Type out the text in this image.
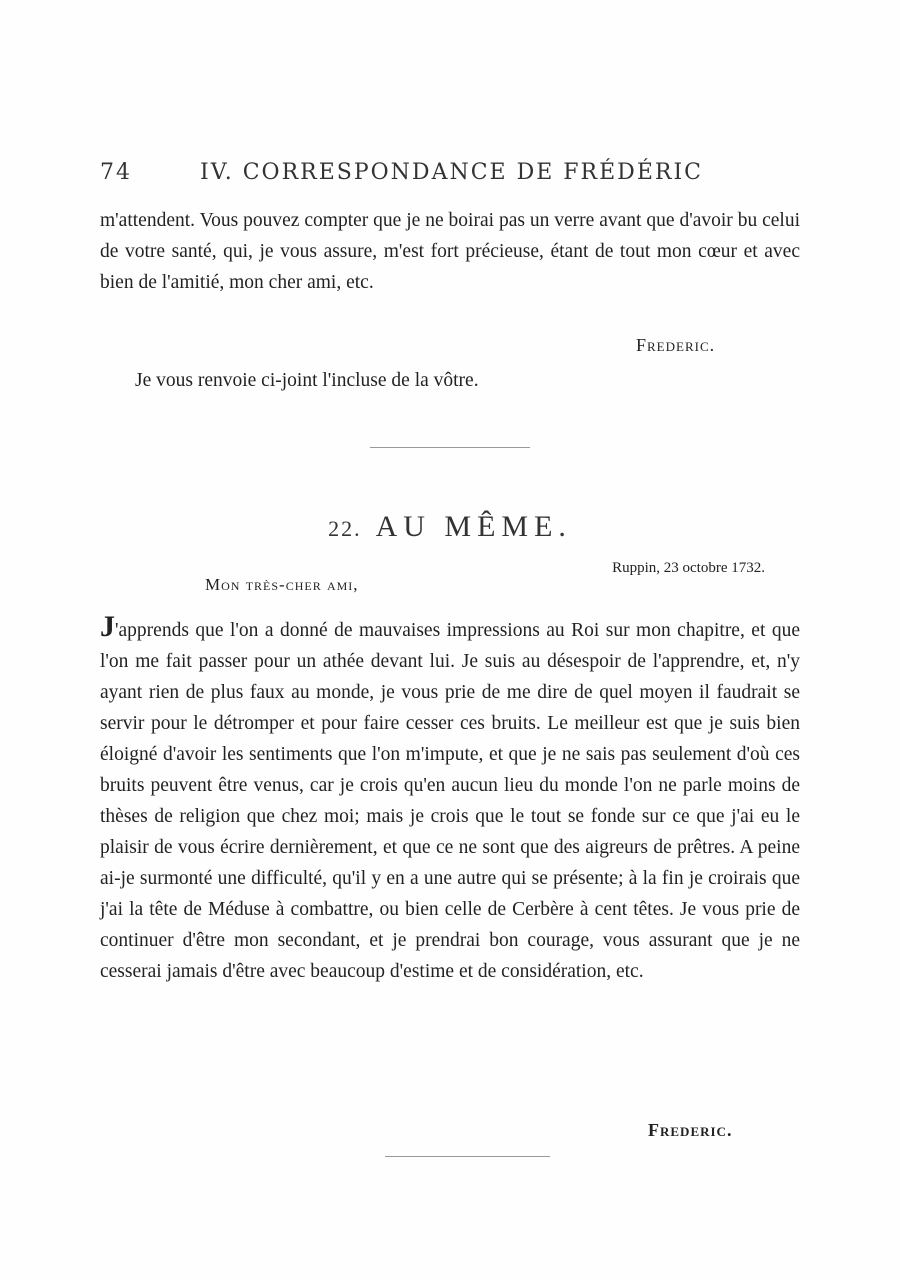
74	IV. CORRESPONDANCE DE FRÉDÉRIC
m'attendent. Vous pouvez compter que je ne boirai pas un verre avant que d'avoir bu celui de votre santé, qui, je vous assure, m'est fort précieuse, étant de tout mon cœur et avec bien de l'amitié, mon cher ami, etc.
Frederic.
Je vous renvoie ci-joint l'incluse de la vôtre.
22. AU MÊME.
Ruppin, 23 octobre 1732.
Mon très-cher ami,
J'apprends que l'on a donné de mauvaises impressions au Roi sur mon chapitre, et que l'on me fait passer pour un athée devant lui. Je suis au désespoir de l'apprendre, et, n'y ayant rien de plus faux au monde, je vous prie de me dire de quel moyen il faudrait se servir pour le détromper et pour faire cesser ces bruits. Le meilleur est que je suis bien éloigné d'avoir les sentiments que l'on m'impute, et que je ne sais pas seulement d'où ces bruits peuvent être venus, car je crois qu'en aucun lieu du monde l'on ne parle moins de thèses de religion que chez moi; mais je crois que le tout se fonde sur ce que j'ai eu le plaisir de vous écrire dernièrement, et que ce ne sont que des aigreurs de prêtres. A peine ai-je surmonté une difficulté, qu'il y en a une autre qui se présente; à la fin je croirais que j'ai la tête de Méduse à combattre, ou bien celle de Cerbère à cent têtes. Je vous prie de continuer d'être mon secondant, et je prendrai bon courage, vous assurant que je ne cesserai jamais d'être avec beaucoup d'estime et de considération, etc.
Frederic.
